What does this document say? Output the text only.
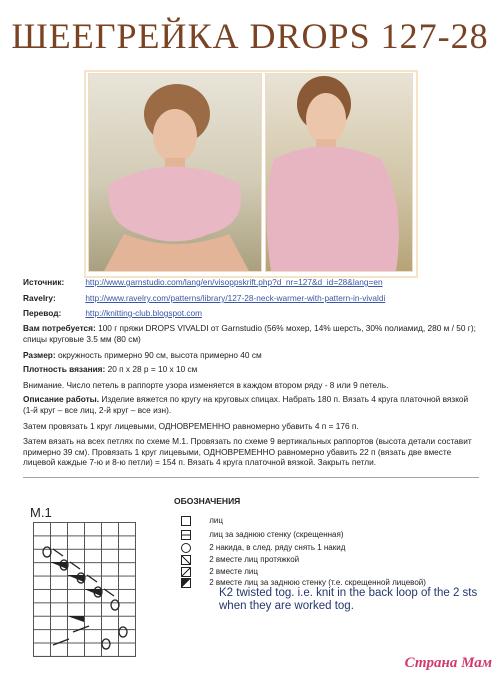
ШЕЕГРЕЙКА DROPS 127-28
Источник:	http://www.garnstudio.com/lang/en/visoppskrift.php?d_nr=127&d_id=28&lang=en
Ravelry:	http://www.ravelry.com/patterns/library/127-28-neck-warmer-with-pattern-in-vivaldi
Перевод:	http://knitting-club.blogspot.com
Вам потребуется: 100 г пряжи DROPS VIVALDI от Garnstudio (56% мохер, 14% шерсть, 30% полиамид, 280 м / 50 г); спицы круговые 3.5 мм (80 см)
Размер: окружность примерно 90 см, высота примерно 40 см
Плотность вязания: 20 п х 28 р = 10 х 10 см
Внимание. Число петель в раппорте узора изменяется в каждом втором ряду - 8 или 9 петель.
Описание работы. Изделие вяжется по кругу на круговых спицах. Набрать 180 п. Вязать 4 круга платочной вязкой (1-й круг – все лиц, 2-й круг – все изн).
Затем провязать 1 круг лицевыми, ОДНОВРЕМЕННО равномерно убавить 4 п = 176 п.
Затем вязать на всех петлях по схеме М.1. Провязать по схеме 9 вертикальных раппортов (высота детали составит примерно 39 см). Провязать 1 круг лицевыми, ОДНОВРЕМЕННО равномерно убавить 22 п (вязать две вместе лицевой каждые 7-ю и 8-ю петли) = 154 п. Вязать 4 круга платочной вязкой. Закрыть петли.
M.1
ОБОЗНАЧЕНИЯ
лиц
лиц за заднюю стенку (скрещенная)
2 накида, в след. ряду снять 1 накид
2 вместе лиц протяжкой
2 вместе лиц
2 вместе лиц за заднюю стенку (т.е. скрещенной лицевой)
K2 twisted tog. i.e. knit in the back loop of the 2 sts when they are worked tog.
Страна Мам
